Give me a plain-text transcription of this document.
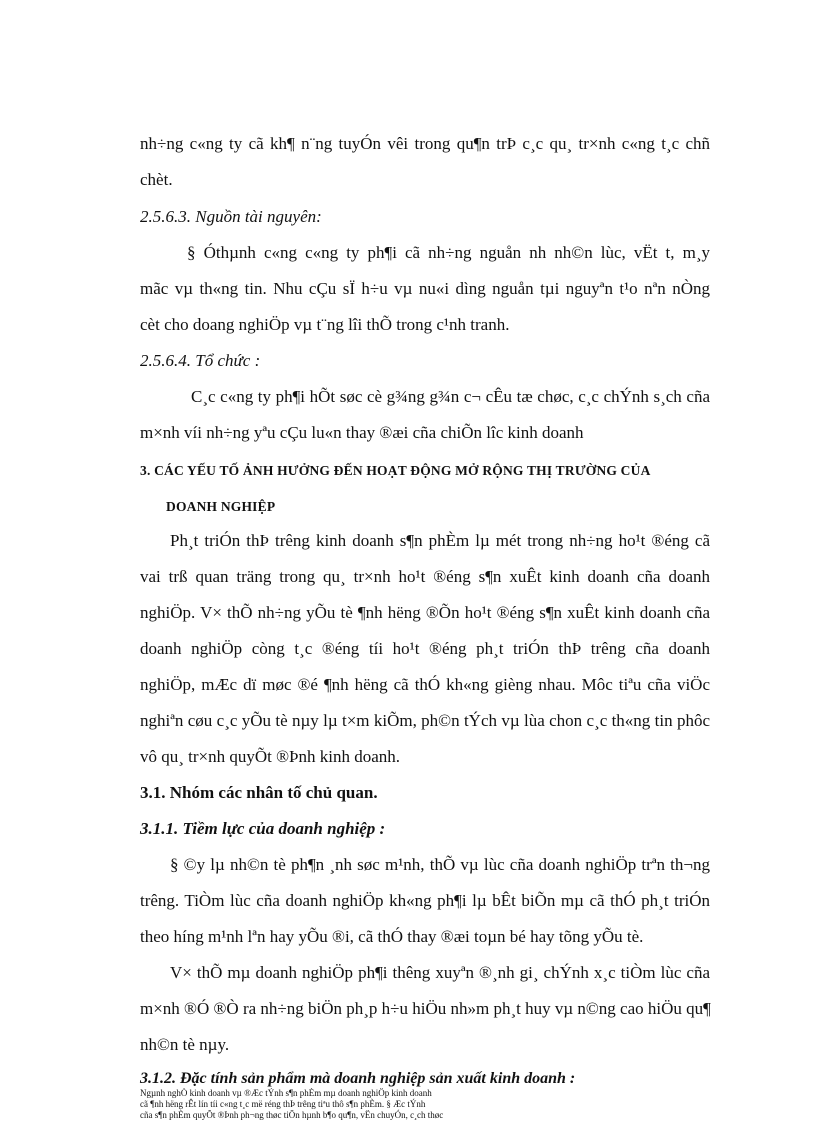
nh÷ng c«ng ty cã kh¶ n¨ng tuyÓn vêi trong qu¶n trÞ c¸c qu¸ tr×nh c«ng t¸c chñ
chèt.
2.5.6.3. Nguồn tài nguyên:
§ Óthµnh c«ng c«ng ty ph¶i cã nh÷ng nguån nh nh©n lùc, vËt t, m¸y
mãc vµ th«ng tin. Nhu cÇu sÏ h÷u vµ nu«i dìng nguån tµi nguyªn t¹o nªn nÒng
cèt cho doang nghiÖp vµ t¨ng lîi thÕ trong c¹nh tranh.
2.5.6.4. Tổ chức :
C¸c c«ng ty ph¶i hÕt søc cè g¾ng g¾n c¬ cÊu tæ chøc, c¸c chÝnh s¸ch cña
m×nh víi nh÷ng yªu cÇu lu«n thay ®æi cña chiÕn lîc kinh doanh
3. CÁC YẾU TỐ ẢNH HƯỞNG ĐẾN HOẠT ĐỘNG MỞ RỘNG THỊ TRƯỜNG CỦA
DOANH NGHIỆP
Ph¸t triÓn thÞ trêng kinh doanh s¶n phÈm lµ mét trong nh÷ng ho¹t ®éng cã
vai trß quan träng trong qu¸ tr×nh ho¹t ®éng s¶n xuÊt kinh doanh cña doanh
nghiÖp. V× thÕ nh÷ng yÕu tè ¶nh hëng ®Õn ho¹t ®éng s¶n xuÊt kinh doanh cña
doanh nghiÖp còng t¸c ®éng tíi ho¹t ®éng ph¸t triÓn thÞ trêng cña doanh
nghiÖp, mÆc dï møc ®é ¶nh hëng cã thÓ kh«ng gièng nhau. Môc tiªu cña viÖc
nghiªn cøu c¸c yÕu tè nµy lµ t×m kiÕm, ph©n tÝch vµ lùa chon c¸c th«ng tin phôc
vô qu¸ tr×nh quyÕt ®Þnh kinh doanh.
3.1. Nhóm các nhân tố chủ quan.
3.1.1. Tiềm lực của doanh nghiệp :
§ ©y lµ nh©n tè ph¶n ¸nh søc m¹nh, thÕ vµ lùc cña doanh nghiÖp trªn th¬ng
trêng. TiÒm lùc cña doanh nghiÖp kh«ng ph¶i lµ bÊt biÕn mµ cã thÓ ph¸t triÓn
theo híng m¹nh lªn hay yÕu ®i, cã thÓ thay ®æi toµn bé hay tõng yÕu tè.
V× thÕ mµ doanh nghiÖp ph¶i thêng xuyªn ®¸nh gi¸ chÝnh x¸c tiÒm lùc cña
m×nh ®Ó ®Ò ra nh÷ng biÖn ph¸p h÷u hiÖu nh»m ph¸t huy vµ n©ng cao hiÖu qu¶
nh©n tè nµy.
3.1.2. Đặc tính sản phẩm mà doanh nghiệp sản xuất kinh doanh :
Ngµnh nghÒ kinh doanh vµ ®Æc tÝnh s¶n phÈm mµ doanh nghiÖp kinh doanh
cã ¶nh hëng rÊt lín tíi c«ng t¸c më réng thÞ trêng tiªu thô s¶n phÈm. § Æc tÝnh
cña s¶n phÈm quyÕt ®Þnh ph¬ng thøc tiÕn hµnh b¶o qu¶n, vËn chuyÓn, c¸ch thøc
